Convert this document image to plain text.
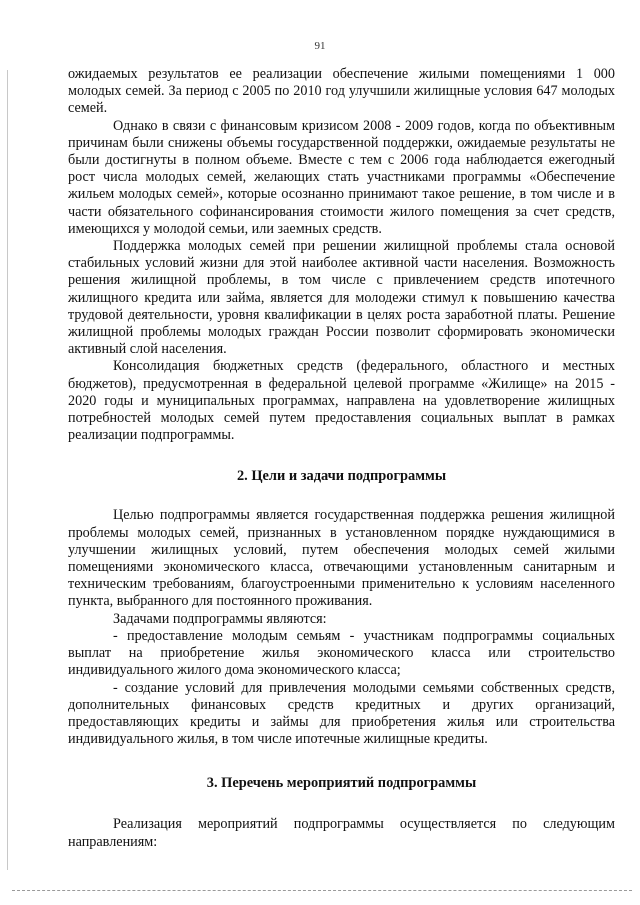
91

ожидаемых результатов ее реализации обеспечение жилыми помещениями 1 000 молодых семей. За период с 2005 по 2010 год улучшили жилищные условия 647 молодых семей.

Однако в связи с финансовым кризисом 2008 - 2009 годов, когда по объективным причинам были снижены объемы государственной поддержки, ожидаемые результаты не были достигнуты в полном объеме. Вместе с тем с 2006 года наблюдается ежегодный рост числа молодых семей, желающих стать участниками программы «Обеспечение жильем молодых семей», которые осознанно принимают такое решение, в том числе и в части обязательного софинансирования стоимости жилого помещения за счет средств, имеющихся у молодой семьи, или заемных средств.

Поддержка молодых семей при решении жилищной проблемы стала основой стабильных условий жизни для этой наиболее активной части населения. Возможность решения жилищной проблемы, в том числе с привлечением средств ипотечного жилищного кредита или займа, является для молодежи стимул к повышению качества трудовой деятельности, уровня квалификации в целях роста заработной платы. Решение жилищной проблемы молодых граждан России позволит сформировать экономически активный слой населения.

Консолидация бюджетных средств (федерального, областного и местных бюджетов), предусмотренная в федеральной целевой программе «Жилище» на 2015 - 2020 годы и муниципальных программах, направлена на удовлетворение жилищных потребностей молодых семей путем предоставления социальных выплат в рамках реализации подпрограммы.

2. Цели и задачи подпрограммы

Целью подпрограммы является государственная поддержка решения жилищной проблемы молодых семей, признанных в установленном порядке нуждающимися в улучшении жилищных условий, путем обеспечения молодых семей жилыми помещениями экономического класса, отвечающими установленным санитарным и техническим требованиям, благоустроенными применительно к условиям населенного пункта, выбранного для постоянного проживания.

Задачами подпрограммы являются:

- предоставление молодым семьям - участникам подпрограммы социальных выплат на приобретение жилья экономического класса или строительство индивидуального жилого дома экономического класса;

- создание условий для привлечения молодыми семьями собственных средств, дополнительных финансовых средств кредитных и других организаций, предоставляющих кредиты и займы для приобретения жилья или строительства индивидуального жилья, в том числе ипотечные жилищные кредиты.

3. Перечень мероприятий подпрограммы

Реализация мероприятий подпрограммы осуществляется по следующим направлениям:
